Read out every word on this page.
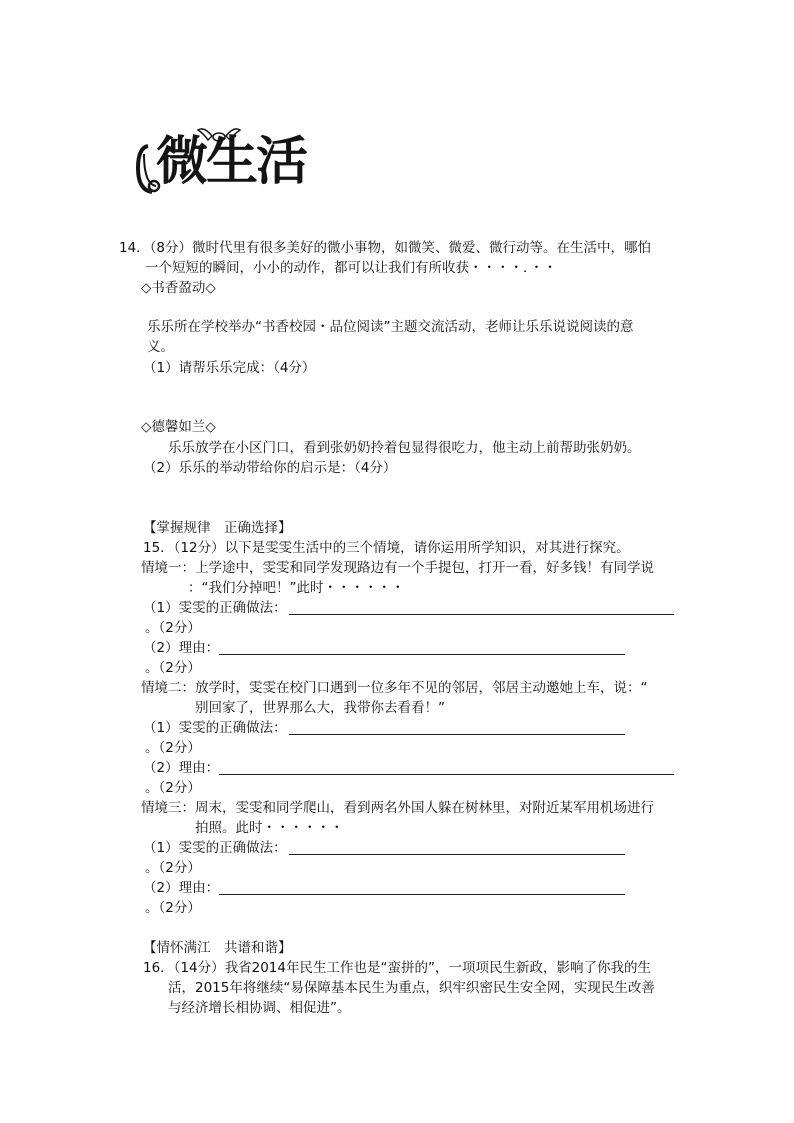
微生活
14．（8分）微时代里有很多美好的微小事物，如微笑、微爱、微行动等。在生活中，哪怕
一个短短的瞬间，小小的动作，都可以让我们有所收获・・・・．・・
◇书香盈动◇
乐乐所在学校举办“书香校园・品位阅读”主题交流活动，老师让乐乐说说阅读的意
义。
（1）请帮乐乐完成：（4分）
◇德馨如兰◇
乐乐放学在小区门口，看到张奶奶拎着包显得很吃力，他主动上前帮助张奶奶。
（2）乐乐的举动带给你的启示是：（4分）
【掌握规律　正确选择】
15．（12分）以下是雯雯生活中的三个情境，请你运用所学知识，对其进行探究。
情境一：上学途中，雯雯和同学发现路边有一个手提包，打开一看，好多钱！有同学说
：“我们分掉吧！”此时・・・・・・
（1）雯雯的正确做法：
。（2分）
（2）理由：
。（2分）
情境二：放学时，雯雯在校门口遇到一位多年不见的邻居，邻居主动邀她上车，说：“
别回家了，世界那么大，我带你去看看！”
（1）雯雯的正确做法：
。（2分）
（2）理由：
。（2分）
情境三：周末，雯雯和同学爬山，看到两名外国人躲在树林里，对附近某军用机场进行
拍照。此时・・・・・・
（1）雯雯的正确做法：
。（2分）
（2）理由：
。（2分）
【情怀满江　共谱和谐】
16．（14分）我省2014年民生工作也是“蛮拼的”，一项项民生新政，影响了你我的生
活，2015年将继续“易保障基本民生为重点，织牢织密民生安全网，实现民生改善
与经济增长相协调、相促进”。
